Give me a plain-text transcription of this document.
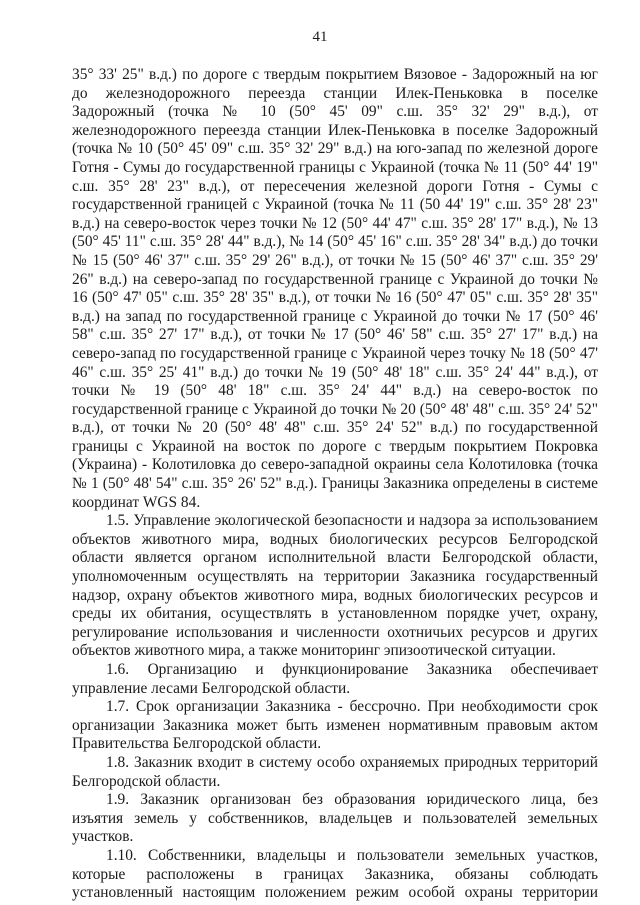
41

35° 33' 25" в.д.) по дороге с твердым покрытием Вязовое - Задорожный на юг до железнодорожного переезда станции Илек-Пеньковка в поселке Задорожный (точка № 10 (50° 45' 09" с.ш. 35° 32' 29" в.д.), от железнодорожного переезда станции Илек-Пеньковка в поселке Задорожный (точка № 10 (50° 45' 09" с.ш. 35° 32' 29" в.д.) на юго-запад по железной дороге Готня - Сумы до государственной границы с Украиной (точка № 11 (50° 44' 19" с.ш. 35° 28' 23" в.д.), от пересечения железной дороги Готня - Сумы с государственной границей с Украиной (точка № 11 (50 44' 19" с.ш. 35° 28' 23" в.д.) на северо-восток через точки № 12 (50° 44' 47" с.ш. 35° 28' 17" в.д.), № 13 (50° 45' 11" с.ш. 35° 28' 44" в.д.), № 14 (50° 45' 16" с.ш. 35° 28' 34" в.д.) до точки № 15 (50° 46' 37" с.ш. 35° 29' 26" в.д.), от точки № 15 (50° 46' 37" с.ш. 35° 29' 26" в.д.) на северо-запад по государственной границе с Украиной до точки № 16 (50° 47' 05" с.ш. 35° 28' 35" в.д.), от точки № 16 (50° 47' 05" с.ш. 35° 28' 35" в.д.) на запад по государственной границе с Украиной до точки № 17 (50° 46' 58" с.ш. 35° 27' 17" в.д.), от точки № 17 (50° 46' 58" с.ш. 35° 27' 17" в.д.) на северо-запад по государственной границе с Украиной через точку № 18 (50° 47' 46" с.ш. 35° 25' 41" в.д.) до точки № 19 (50° 48' 18" с.ш. 35° 24' 44" в.д.), от точки № 19 (50° 48' 18" с.ш. 35° 24' 44" в.д.) на северо-восток по государственной границе с Украиной до точки № 20 (50° 48' 48" с.ш. 35° 24' 52" в.д.), от точки № 20 (50° 48' 48" с.ш. 35° 24' 52" в.д.) по государственной границы с Украиной на восток по дороге с твердым покрытием Покровка (Украина) - Колотиловка до северо-западной окраины села Колотиловка (точка № 1 (50° 48' 54" с.ш. 35° 26' 52" в.д.). Границы Заказника определены в системе координат WGS 84.

1.5. Управление экологической безопасности и надзора за использованием объектов животного мира, водных биологических ресурсов Белгородской области является органом исполнительной власти Белгородской области, уполномоченным осуществлять на территории Заказника государственный надзор, охрану объектов животного мира, водных биологических ресурсов и среды их обитания, осуществлять в установленном порядке учет, охрану, регулирование использования и численности охотничьих ресурсов и других объектов животного мира, а также мониторинг эпизоотической ситуации.

1.6. Организацию и функционирование Заказника обеспечивает управление лесами Белгородской области.

1.7. Срок организации Заказника - бессрочно. При необходимости срок организации Заказника может быть изменен нормативным правовым актом Правительства Белгородской области.

1.8. Заказник входит в систему особо охраняемых природных территорий Белгородской области.

1.9. Заказник организован без образования юридического лица, без изъятия земель у собственников, владельцев и пользователей земельных участков.

1.10. Собственники, владельцы и пользователи земельных участков, которые расположены в границах Заказника, обязаны соблюдать установленный настоящим положением режим особой охраны территории
